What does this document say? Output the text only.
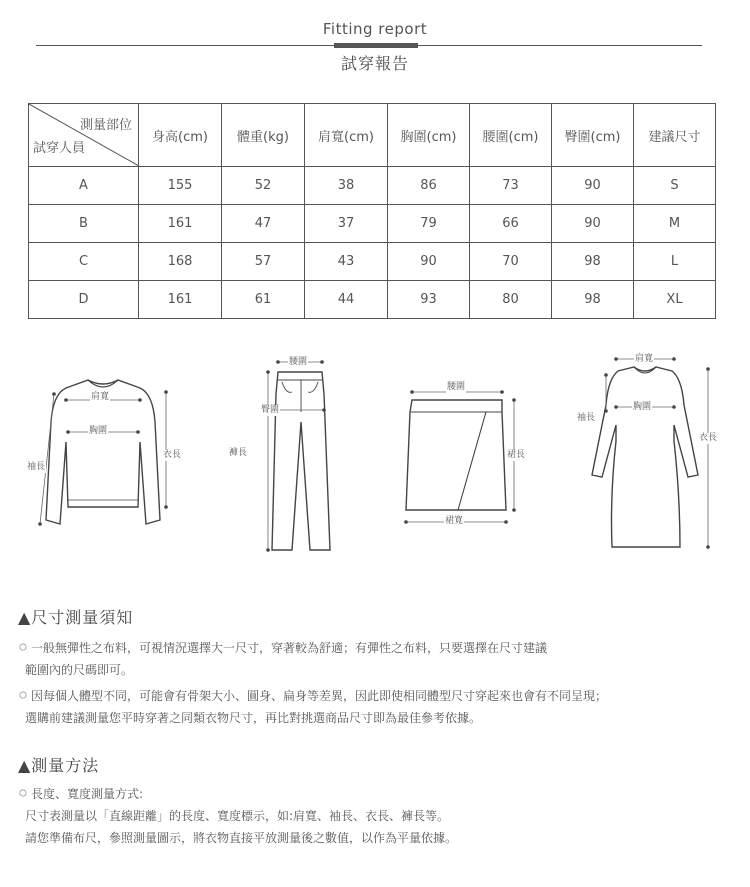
Fitting report
試穿報告
測量部位
試穿人員	身高(cm)	體重(kg)	肩寬(cm)	胸圍(cm)	腰圍(cm)	臀圍(cm)	建議尺寸
A	155	52	38	86	73	90	S
B	161	47	37	79	66	90	M
C	168	57	43	90	70	98	L
D	161	61	44	93	80	98	XL
肩寬
胸圍
袖長
衣長
腰圍
臀圍
褲長
腰圍
裙長
裙寬
肩寬
胸圍
袖長
衣長
▲尺寸測量須知
一般無彈性之布料，可視情況選擇大一尺寸，穿著較為舒適；有彈性之布料，只要選擇在尺寸建議
範圍內的尺碼即可。
因每個人體型不同，可能會有骨架大小、圓身、扁身等差異，因此即使相同體型尺寸穿起來也會有不同呈現；
選購前建議測量您平時穿著之同類衣物尺寸，再比對挑選商品尺寸即為最佳參考依據。
▲測量方法
長度、寬度測量方式:
尺寸表測量以「直線距離」的長度、寬度標示，如:肩寬、袖長、衣長、褲長等。
請您準備布尺，參照測量圖示，將衣物直接平放測量後之數值，以作為平量依據。
